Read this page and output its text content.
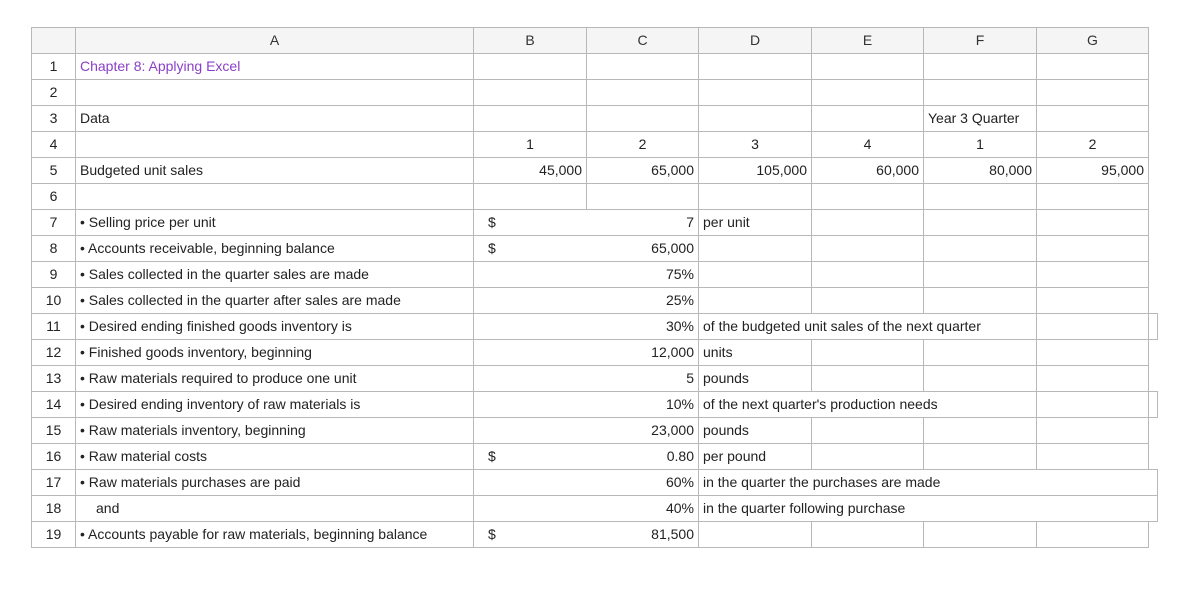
	A	B	C	D	E	F	G	
1	Chapter 8: Applying Excel							
2								
3	Data					Year 3 Quarter		
4		1	2	3	4	1	2	
5	Budgeted unit sales	45,000	65,000	105,000	60,000	80,000	95,000	
6								
7	• Selling price per unit	$	7	per unit				
8	• Accounts receivable, beginning balance	$	65,000					
9	• Sales collected in the quarter sales are made		75%					
10	• Sales collected in the quarter after sales are made		25%					
11	• Desired ending finished goods inventory is		30%	of the budgeted unit sales of the next quarter				
12	• Finished goods inventory, beginning		12,000	units				
13	• Raw materials required to produce one unit		5	pounds				
14	• Desired ending inventory of raw materials is		10%	of the next quarter's production needs				
15	• Raw materials inventory, beginning		23,000	pounds				
16	• Raw material costs	$	0.80	per pound				
17	• Raw materials purchases are paid		60%	in the quarter the purchases are made				
18	and		40%	in the quarter following purchase				
19	• Accounts payable for raw materials, beginning balance	$	81,500					
